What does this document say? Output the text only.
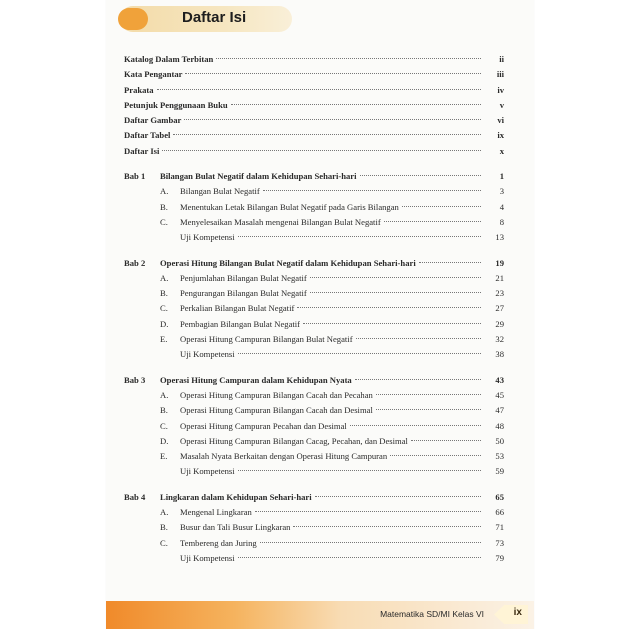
Daftar Isi
Katalog Dalam Terbitan	ii
Kata Pengantar	iii
Prakata	iv
Petunjuk Penggunaan Buku	v
Daftar Gambar	vi
Daftar Tabel	ix
Daftar Isi	x
Bab 1	Bilangan Bulat Negatif dalam Kehidupan Sehari-hari	1
A.	Bilangan Bulat Negatif	3
B.	Menentukan Letak Bilangan Bulat Negatif pada Garis Bilangan	4
C.	Menyelesaikan Masalah mengenai Bilangan Bulat Negatif	8
Uji Kompetensi	13
Bab 2	Operasi Hitung Bilangan Bulat Negatif dalam Kehidupan Sehari-hari	19
A.	Penjumlahan Bilangan Bulat Negatif	21
B.	Pengurangan Bilangan Bulat Negatif	23
C.	Perkalian Bilangan Bulat Negatif	27
D.	Pembagian Bilangan Bulat Negatif	29
E.	Operasi Hitung Campuran Bilangan Bulat Negatif	32
Uji Kompetensi	38
Bab 3	Operasi Hitung Campuran dalam Kehidupan Nyata	43
A.	Operasi Hitung Campuran Bilangan Cacah dan Pecahan	45
B.	Operasi Hitung Campuran Bilangan Cacah dan Desimal	47
C.	Operasi Hitung Campuran Pecahan dan Desimal	48
D.	Operasi Hitung Campuran Bilangan Cacag, Pecahan, dan Desimal	50
E.	Masalah Nyata Berkaitan dengan Operasi Hitung Campuran	53
Uji Kompetensi	59
Bab 4	Lingkaran dalam Kehidupan Sehari-hari	65
A.	Mengenal Lingkaran	66
B.	Busur dan Tali Busur Lingkaran	71
C.	Tembereng dan Juring	73
Uji Kompetensi	79
Matematika SD/MI Kelas VI	ix
